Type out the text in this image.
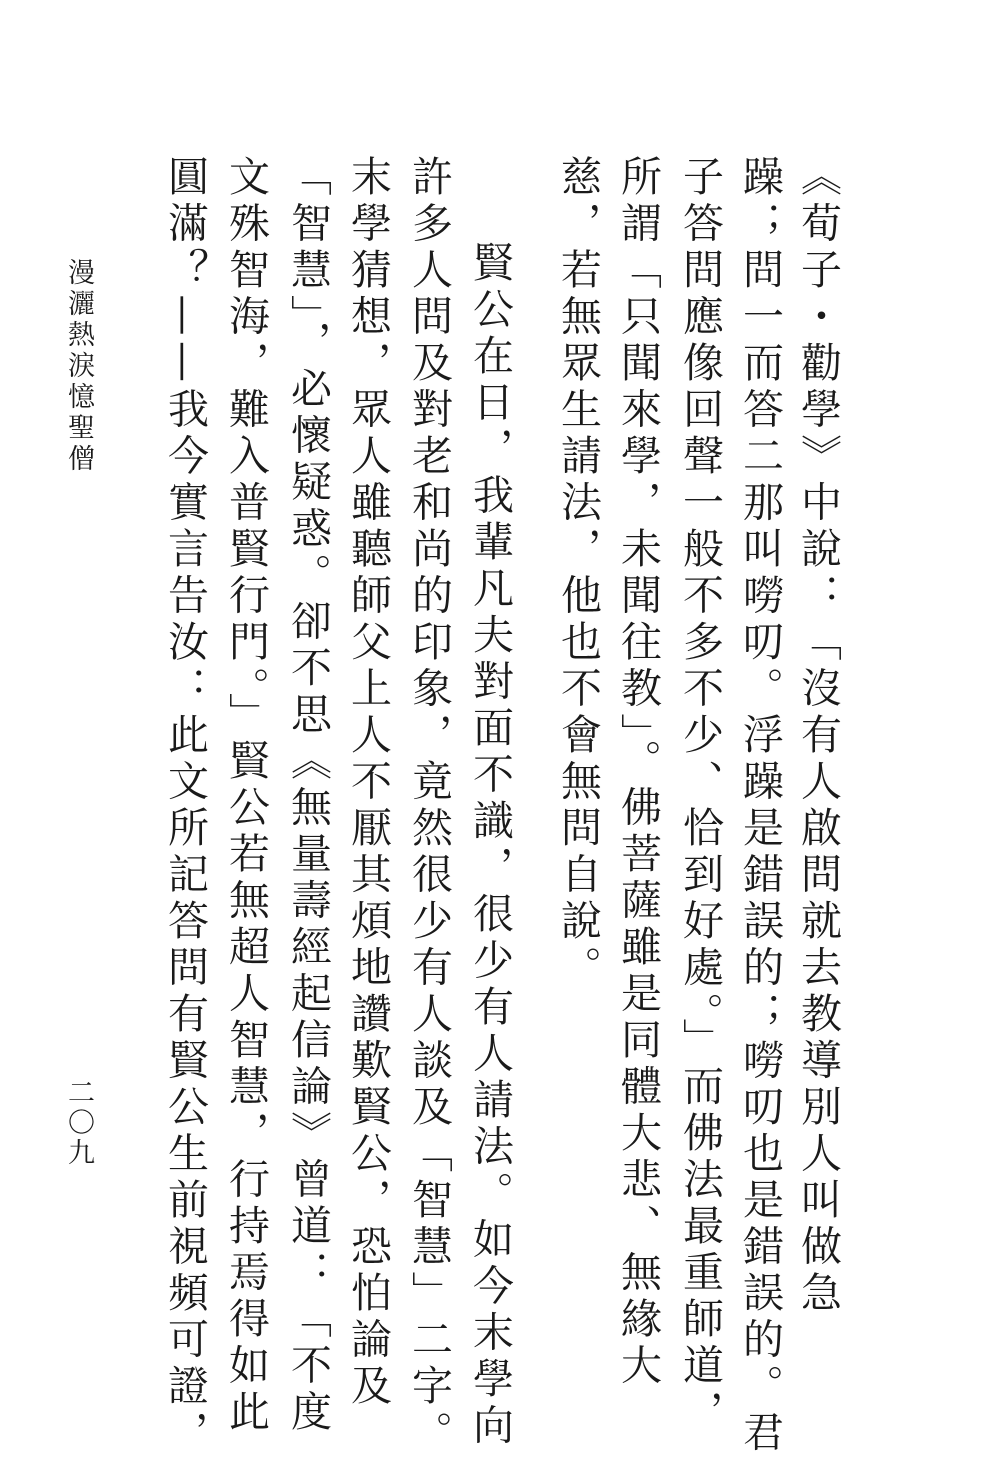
《荀子・勸學》中說：「沒有人啟問就去教導別人叫做急
躁；問一而答二那叫嘮叨。浮躁是錯誤的；嘮叨也是錯誤的。君
子答問應像回聲一般不多不少、恰到好處。」而佛法最重師道，
所謂「只聞來學，未聞往教」。佛菩薩雖是同體大悲、無緣大
慈，若無眾生請法，他也不會無問自說。
賢公在日，我輩凡夫對面不識，很少有人請法。如今末學向
許多人問及對老和尚的印象，竟然很少有人談及「智慧」二字。
末學猜想，眾人雖聽師父上人不厭其煩地讚歎賢公，恐怕論及
「智慧」，必懷疑惑。卻不思《無量壽經起信論》曾道：「不度
文殊智海，難入普賢行門。」賢公若無超人智慧，行持焉得如此
圓滿？——我今實言告汝：此文所記答問有賢公生前視頻可證，
漫灑熱淚憶聖僧
二〇九
